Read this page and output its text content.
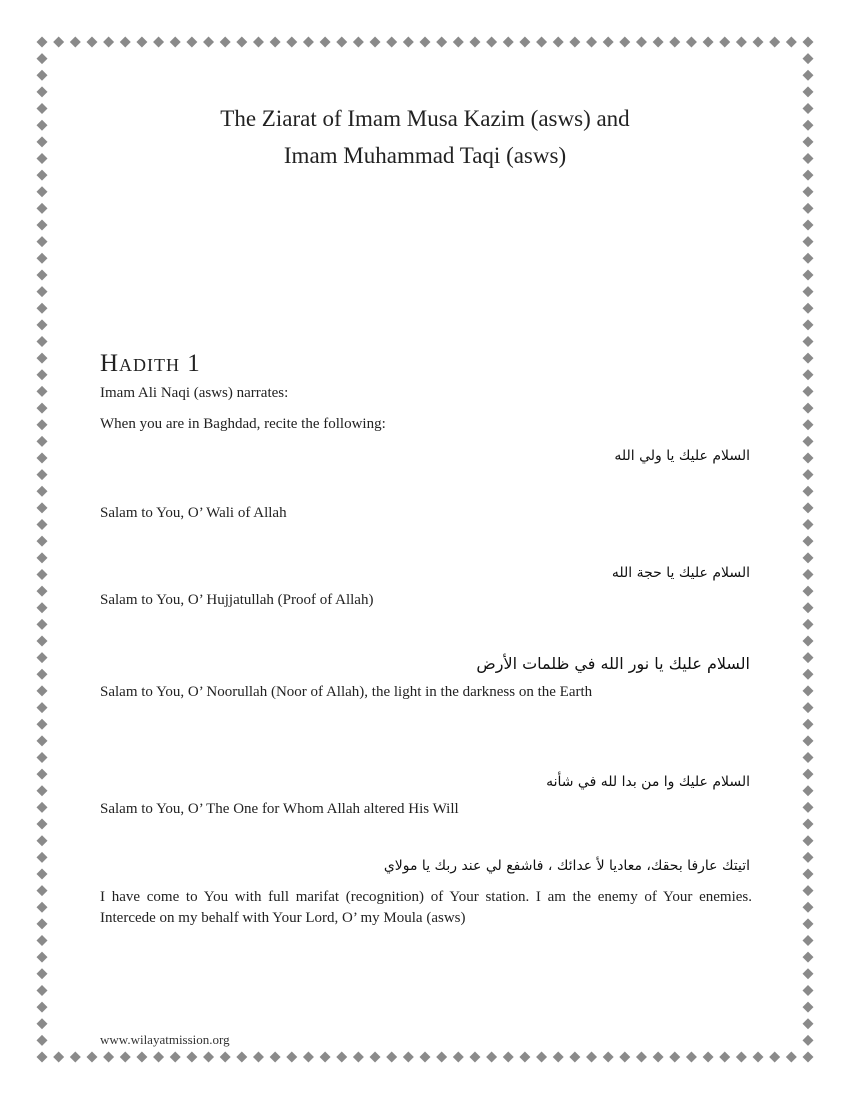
The Ziarat of Imam Musa Kazim (asws) and
Imam Muhammad Taqi (asws)
Hadith 1
Imam Ali Naqi (asws) narrates:
When you are in Baghdad, recite the following:
السلام عليك يا ولي الله
Salam to You, O’ Wali of Allah
السلام عليك يا حجة الله
Salam to You, O’ Hujjatullah (Proof of Allah)
السلام عليك يا نور الله في ظلمات الأرض
Salam to You, O’ Noorullah (Noor of Allah), the light in the darkness on the Earth
السلام عليك وا من بدا لله في شأنه
Salam to You, O’ The One for Whom Allah altered His Will
اتيتك عارفا بحقك، معاديا لأ عدائك ، فاشفع لي عند ربك يا مولاي
I have come to You with full marifat (recognition) of Your station. I am the enemy of Your enemies. Intercede on my behalf with Your Lord, O’ my Moula (asws)
www.wilayatmission.org
